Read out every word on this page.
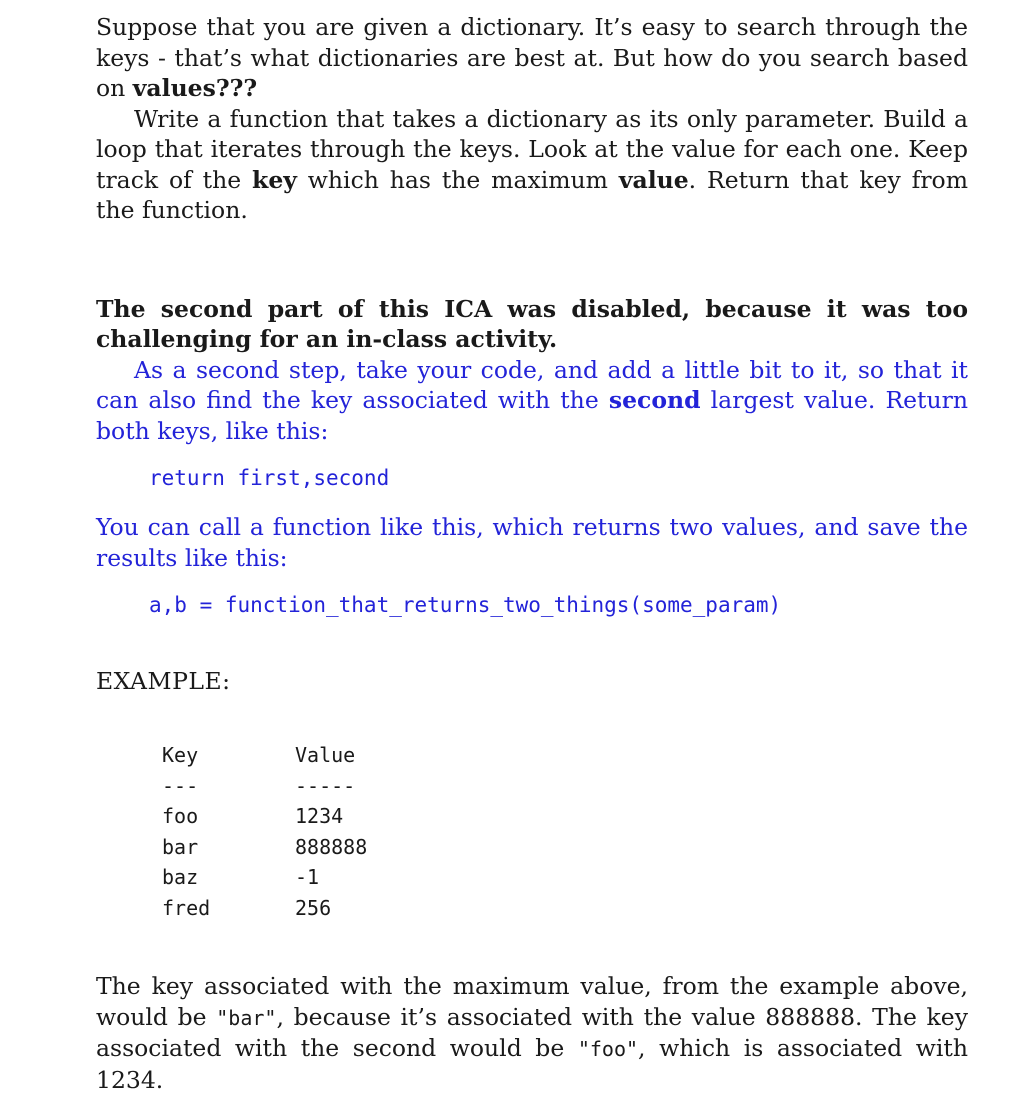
Suppose that you are given a dictionary. It’s easy to search through the keys - that’s what dictionaries are best at. But how do you search based on values???

Write a function that takes a dictionary as its only parameter. Build a loop that iterates through the keys. Look at the value for each one. Keep track of the key which has the maximum value. Return that key from the function.

The second part of this ICA was disabled, because it was too challenging for an in-class activity.

As a second step, take your code, and add a little bit to it, so that it can also find the key associated with the second largest value. Return both keys, like this:

return first,second

You can call a function like this, which returns two values, and save the results like this:

a,b = function_that_returns_two_things(some_param)

EXAMPLE:

Key	Value
---	-----
foo	1234
bar	888888
baz	-1
fred	256

The key associated with the maximum value, from the example above, would be "bar", because it’s associated with the value 888888. The key associated with the second would be "foo", which is associated with 1234.
